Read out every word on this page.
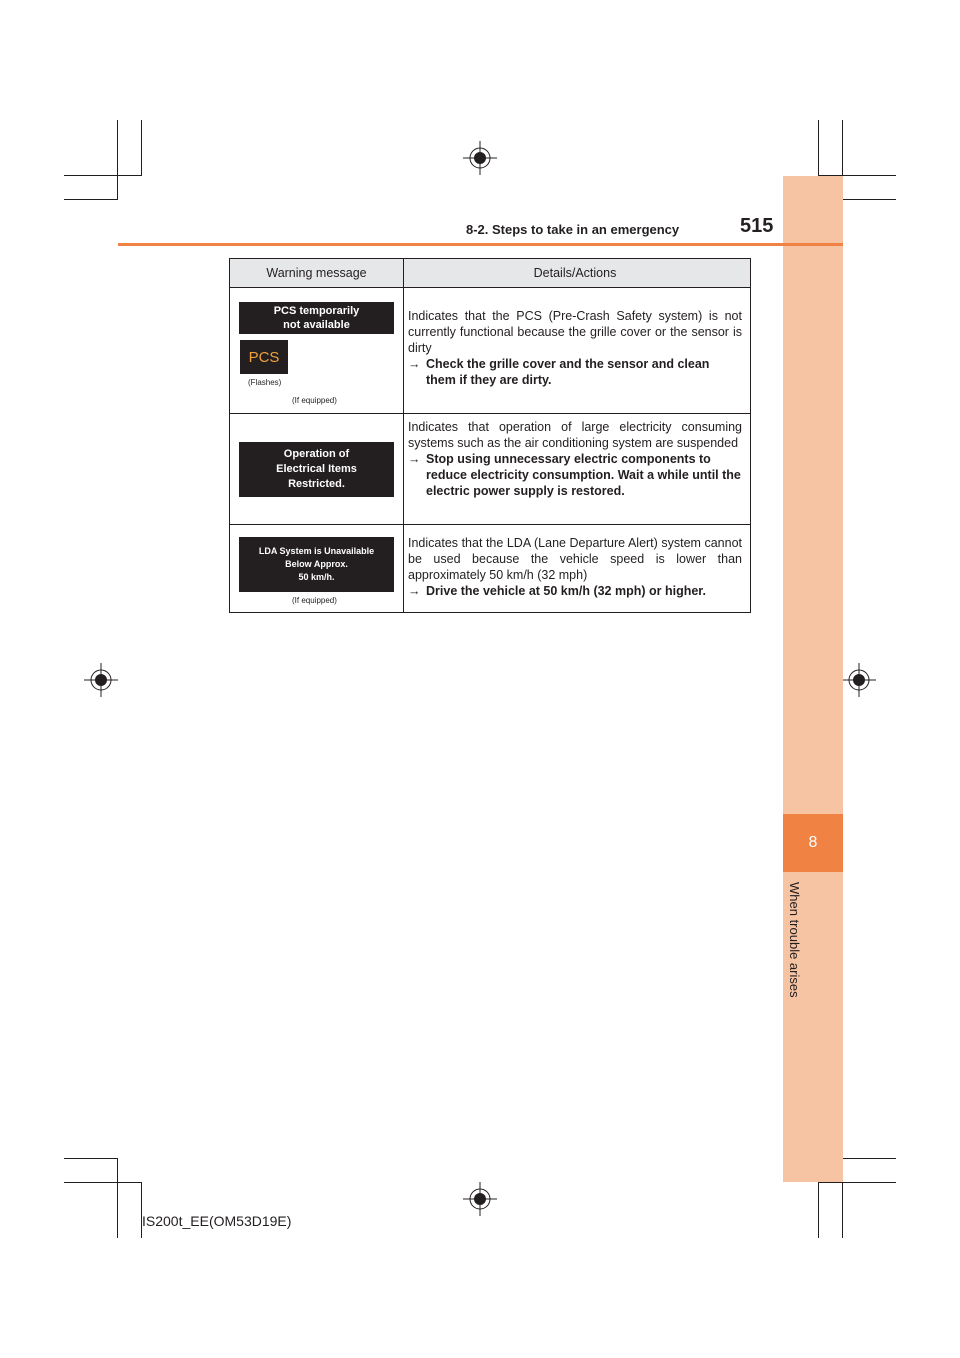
8
When trouble arises
8-2. Steps to take in an emergency	515
Warning message	Details/Actions
PCS temporarily
not available
PCS
(Flashes)
(If equipped)
Indicates that the PCS (Pre-Crash Safety system) is not currently functional because the grille cover or the sensor is dirty
→ Check the grille cover and the sensor and clean them if they are dirty.
Operation of
Electrical Items
Restricted.
Indicates that operation of large electricity consuming systems such as the air conditioning system are suspended
→ Stop using unnecessary electric components to reduce electricity consumption. Wait a while until the electric power supply is restored.
LDA System is Unavailable
Below Approx.
50 km/h.
(If equipped)
Indicates that the LDA (Lane Departure Alert) system cannot be used because the vehicle speed is lower than approximately 50 km/h (32 mph)
→ Drive the vehicle at 50 km/h (32 mph) or higher.
IS200t_EE(OM53D19E)
